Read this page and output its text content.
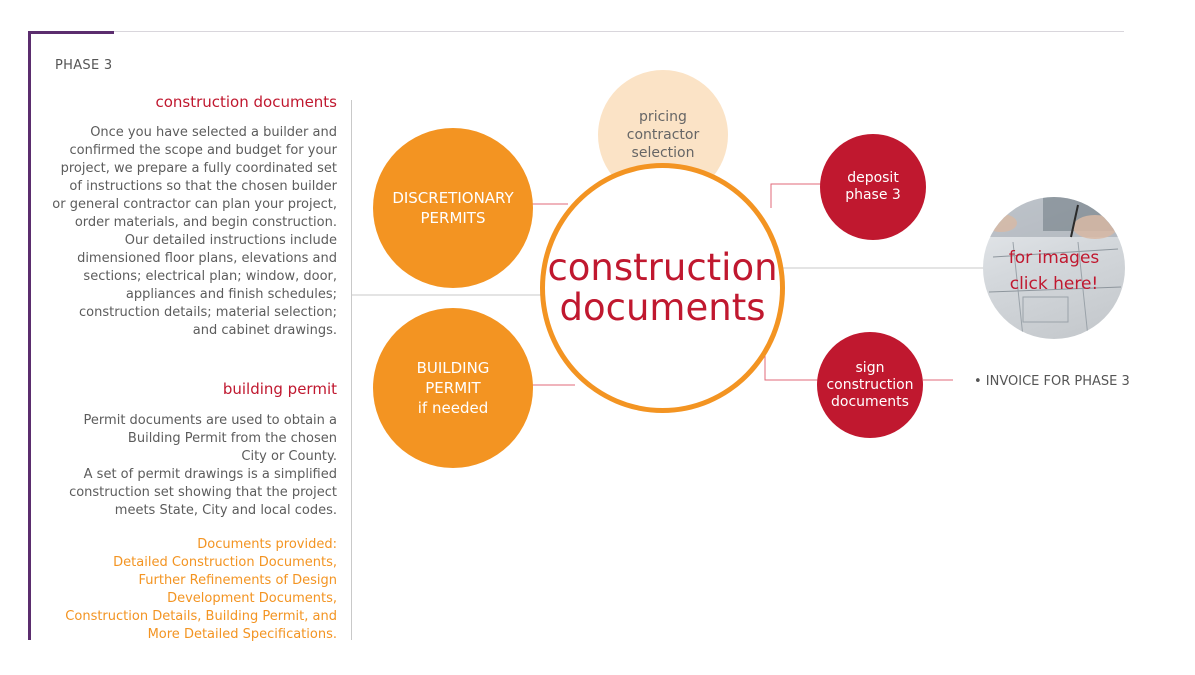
PHASE 3
construction documents
Once you have selected a builder and
confirmed the scope and budget for your
project, we prepare a fully coordinated set
of instructions so that the chosen builder
or general contractor can plan your project,
order materials, and begin construction.
Our detailed instructions include
dimensioned floor plans, elevations and
sections; electrical plan; window, door,
appliances and finish schedules;
construction details; material selection;
and cabinet drawings.
building permit
Permit documents are used to obtain a
Building Permit from the chosen
City or County.
A set of permit drawings is a simplified
construction set showing that the project
meets State, City and local codes.
Documents provided:
Detailed Construction Documents,
Further Refinements of Design
Development Documents,
Construction Details, Building Permit, and
More Detailed Specifications.
pricing
contractor
selection
DISCRETIONARY
PERMITS
BUILDING
PERMIT
if needed
construction
documents
deposit
phase 3
sign
construction
documents
for images
click here!
• INVOICE FOR PHASE 3
